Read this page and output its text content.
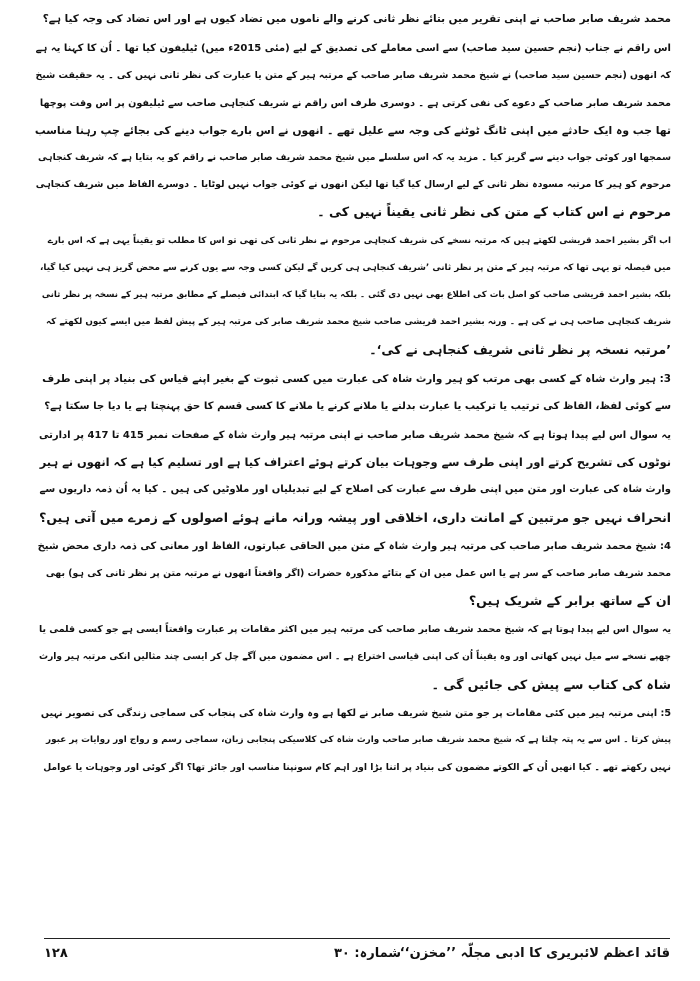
محمد شریف صابر صاحب نے اپنی تقریر میں بتائے نظر ثانی کرنے والے ناموں میں تضاد کیوں ہے اور اس تضاد کی وجہ کیا ہے؟
اس راقم نے جناب (نجم حسین سید صاحب) سے اسی معاملے کی تصدیق کے لیے (مئی 2015ء میں) ٹیلیفون کیا تھا ۔ اُن کا کہنا یہ ہے
کہ انھوں (نجم حسین سید صاحب) نے شیخ محمد شریف صابر صاحب کے مرتبہ ہیر کے متن یا عبارت کی نظر ثانی نہیں کی ۔ یہ حقیقت شیخ
محمد شریف صابر صاحب کے دعوے کی نفی کرتی ہے ۔ دوسری طرف اس راقم نے شریف کنجاہی صاحب سے ٹیلیفون پر اس وقت پوچھا
تھا جب وہ ایک حادثے میں اپنی ٹانگ ٹوٹنے کی وجہ سے علیل تھے ۔ انھوں نے اس بارے جواب دینے کی بجائے چپ رہنا مناسب
سمجھا اور کوئی جواب دینے سے گریز کیا ۔ مزید یہ کہ اس سلسلے میں شیخ محمد شریف صابر صاحب نے راقم کو یہ بتایا ہے کہ شریف کنجاہی
مرحوم کو ہیر کا مرتبہ مسودہ نظر ثانی کے لیے ارسال کیا گیا تھا لیکن انھوں نے کوئی جواب نہیں لوٹایا ۔ دوسرے الفاظ میں شریف کنجاہی
مرحوم نے اس کتاب کے متن کی نظر ثانی یقیناً نہیں کی ۔
اب اگر بشیر احمد قریشی لکھتے ہیں کہ مرتبہ نسخے کی شریف کنجاہی مرحوم نے نظر ثانی کی تھی تو اس کا مطلب تو یقیناً یہی ہے کہ اس بارے
میں فیصلہ تو یہی تھا کہ مرتبہ ہیر کے متن پر نظر ثانی ’شریف کنجاہی ہی کریں گے لیکن کسی وجہ سے یوں کرنے سے محض گریز ہی نہیں کیا گیا،
بلکہ بشیر احمد قریشی صاحب کو اصل بات کی اطلاع بھی نہیں دی گئی ۔ بلکہ یہ بتایا گیا کہ ابتدائی فیصلے کے مطابق مرتبہ ہیر کے نسخہ پر نظر ثانی
شریف کنجاہی صاحب ہی نے کی ہے ۔ ورنہ بشیر احمد قریشی صاحب شیخ محمد شریف صابر کی مرتبہ ہیر کے پیش لفظ میں ایسے کیوں لکھتے کہ
’مرتبہ نسخہ پر نظر ثانی شریف کنجاہی نے کی‘۔
3: ہیر وارث شاہ کے کسی بھی مرتب کو ہیر وارث شاہ کی عبارت میں کسی ثبوت کے بغیر اپنے قیاس کی بنیاد پر اپنی طرف
سے کوئی لفظ، الفاظ کی ترتیب یا ترکیب یا عبارت بدلنے یا ملانے کرنے یا ملانے کا کسی قسم کا حق پہنچتا ہے یا دیا جا سکتا ہے؟
یہ سوال اس لیے پیدا ہوتا ہے کہ شیخ محمد شریف صابر صاحب نے اپنی مرتبہ ہیر وارث شاہ کے صفحات نمبر 415 تا 417 پر ادارتی
نوٹوں کی تشریح کرتے اور اپنی طرف سے وجوہات بیان کرتے ہوئے اعتراف کیا ہے اور تسلیم کیا ہے کہ انھوں نے ہیر
وارث شاہ کی عبارت اور متن میں اپنی طرف سے عبارت کی اصلاح کے لیے تبدیلیاں اور ملاوٹیں کی ہیں ۔ کیا یہ اُن ذمہ داریوں سے
انحراف نہیں جو مرتبین کے امانت داری، اخلاقی اور پیشہ ورانہ مانے ہوئے اصولوں کے زمرے میں آتی ہیں؟
4: شیخ محمد شریف صابر صاحب کی مرتبہ ہیر وارث شاہ کے متن میں الحاقی عبارتوں، الفاظ اور معانی کی ذمہ داری محض شیخ
محمد شریف صابر صاحب کے سر ہے یا اس عمل میں ان کے بتائے مذکورہ حضرات (اگر واقعتاً انھوں نے مرتبہ متن پر نظر ثانی کی ہو) بھی
ان کے ساتھ برابر کے شریک ہیں؟
یہ سوال اس لیے پیدا ہوتا ہے کہ شیخ محمد شریف صابر صاحب کی مرتبہ ہیر میں اکثر مقامات پر عبارت واقعتاً ایسی ہے جو کسی قلمی یا
چھپے نسخے سے میل نہیں کھاتی اور وہ یقیناً اُن کی اپنی قیاسی اختراع ہے ۔ اس مضمون میں آگے چل کر ایسی چند مثالیں انکی مرتبہ ہیر وارث
شاہ کی کتاب سے پیش کی جائیں گی ۔
5: اپنی مرتبہ ہیر میں کئی مقامات پر جو متن شیخ شریف صابر نے لکھا ہے وہ وارث شاہ کی پنجاب کی سماجی زندگی کی تصویر نہیں
پیش کرتا ۔ اس سے یہ پتہ چلتا ہے کہ شیخ محمد شریف صابر صاحب وارث شاہ کی کلاسیکی پنجابی زبان، سماجی رسم و رواج اور روایات پر عبور
نہیں رکھتے تھے ۔ کیا انھیں اُن کے الکوتے مضمون کی بنیاد پر اتنا بڑا اور اہم کام سونپنا مناسب اور جائز تھا؟ اگر کوئی اور وجوہات یا عوامل
قائد اعظم لائبریری کا ادبی مجلّہ ’’مخزن‘‘
شمارہ: ۳۰
۱۲۸
